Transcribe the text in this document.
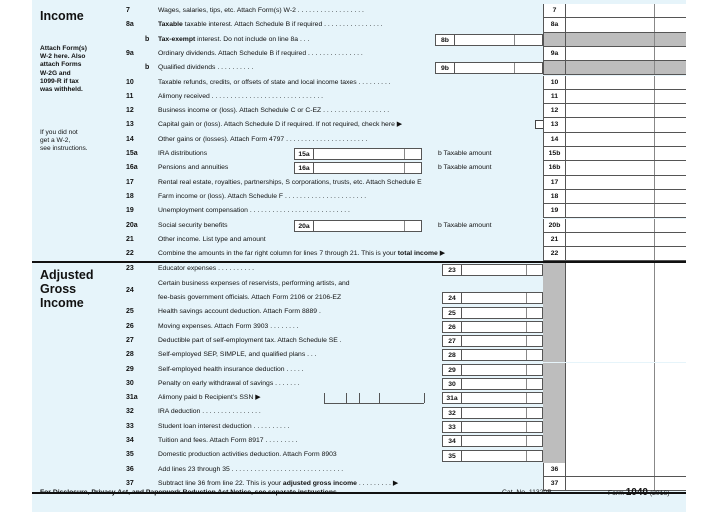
Income
Attach Form(s)
W-2 here. Also
attach Forms
W-2G and
1099-R if tax
was withheld.
If you did not
get a W-2,
see instructions.
Adjusted
Gross
Income
7	Wages, salaries, tips, etc. Attach Form(s) W-2 . . . . . . . . . . . . . . . . . .	7
8a	Taxable taxable interest. Attach Schedule B if required . . . . . . . . . . . . . . . .	8a
b	Tax-exempt interest. Do not include on line 8a . . .	8b
9a	Ordinary dividends. Attach Schedule B if required . . . . . . . . . . . . . . .	9a
b	Qualified dividends . . . . . . . . . .	9b
10	Taxable refunds, credits, or offsets of state and local income taxes . . . . . . . . .	10
11	Alimony received . . . . . . . . . . . . . . . . . . . . . . . . . . . . . .	11
12	Business income or (loss). Attach Schedule C or C-EZ . . . . . . . . . . . . . . . . . .	12
13	Capital gain or (loss). Attach Schedule D if required. If not required, check here ▶	13
14	Other gains or (losses). Attach Form 4797 . . . . . . . . . . . . . . . . . . . . . .	14
15a	IRA distributions	15a	b Taxable amount	15b
16a	Pensions and annuities	16a	b Taxable amount	16b
17	Rental real estate, royalties, partnerships, S corporations, trusts, etc. Attach Schedule E	17
18	Farm income or (loss). Attach Schedule F . . . . . . . . . . . . . . . . . . . . . .	18
19	Unemployment compensation . . . . . . . . . . . . . . . . . . . . . . . . . . .	19
20a	Social security benefits	20a	b Taxable amount	20b
21	Other income. List type and amount	21
22	Combine the amounts in the far right column for lines 7 through 21. This is your total income ▶	22
23	Educator expenses . . . . . . . . . .	23
24
Certain business expenses of reservists, performing artists, and
fee-basis government officials. Attach Form 2106 or 2106-EZ	24
25	Health savings account deduction. Attach Form 8889 .	25
26	Moving expenses. Attach Form 3903 . . . . . . . .	26
27	Deductible part of self-employment tax. Attach Schedule SE .	27
28	Self-employed SEP, SIMPLE, and qualified plans . . .	28
29	Self-employed health insurance deduction . . . . .	29
30	Penalty on early withdrawal of savings . . . . . . .	30
31a	Alimony paid b Recipient's SSN ▶	31a
32	IRA deduction . . . . . . . . . . . . . . . .	32
33	Student loan interest deduction . . . . . . . . . .	33
34	Tuition and fees. Attach Form 8917 . . . . . . . . .	34
35	Domestic production activities deduction. Attach Form 8903	35
36	Add lines 23 through 35 . . . . . . . . . . . . . . . . . . . . . . . . . . . . . .	36
37	Subtract line 36 from line 22. This is your adjusted gross income . . . . . . . . . ▶	37
For Disclosure, Privacy Act, and Paperwork Reduction Act Notice, see separate instructions.	Cat. No. 11320B	Form 1040 (2016)
